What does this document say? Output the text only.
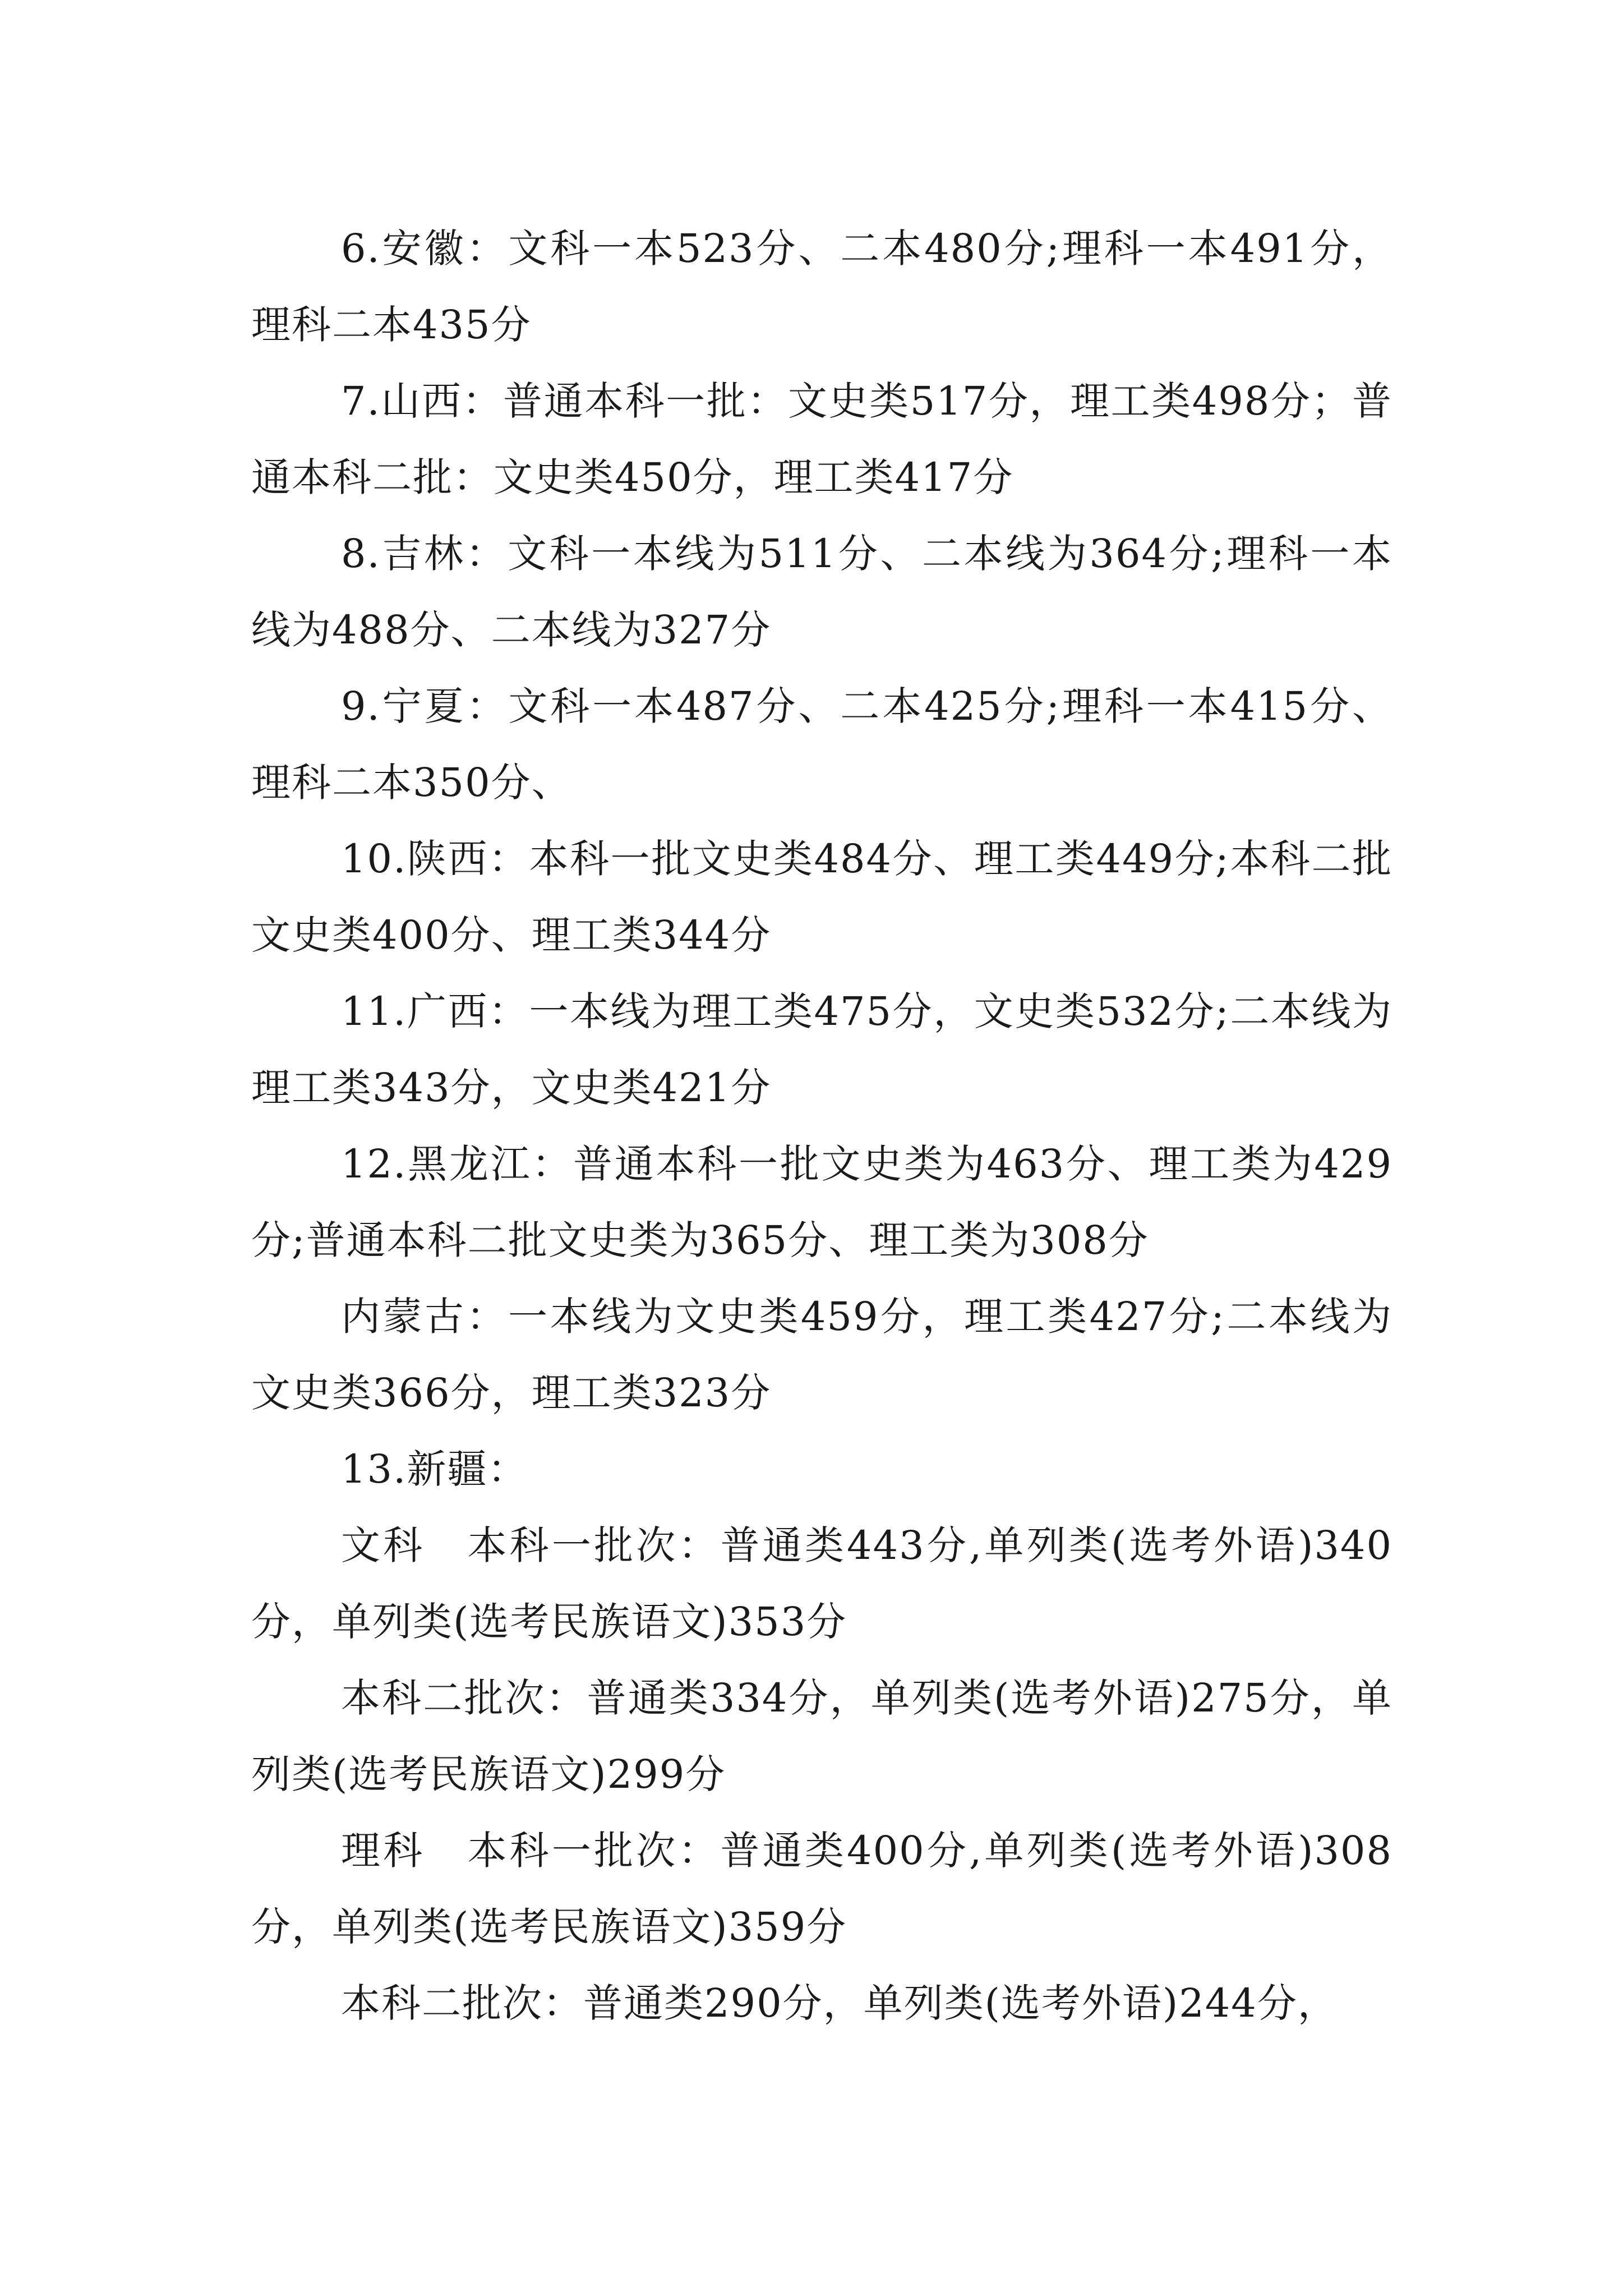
6.安徽：文科一本523分、二本480分;理科一本491分，理科二本435分

7.山西：普通本科一批：文史类517分，理工类498分；普通本科二批：文史类450分，理工类417分

8.吉林：文科一本线为511分、二本线为364分;理科一本线为488分、二本线为327分

9.宁夏：文科一本487分、二本425分;理科一本415分、理科二本350分、

10.陕西：本科一批文史类484分、理工类449分;本科二批文史类400分、理工类344分

11.广西：一本线为理工类475分，文史类532分;二本线为理工类343分，文史类421分

12.黑龙江：普通本科一批文史类为463分、理工类为429分;普通本科二批文史类为365分、理工类为308分

内蒙古：一本线为文史类459分，理工类427分;二本线为文史类366分，理工类323分

13.新疆：

文科　本科一批次：普通类443分,单列类(选考外语)340分，单列类(选考民族语文)353分

本科二批次：普通类334分，单列类(选考外语)275分，单列类(选考民族语文)299分

理科　本科一批次：普通类400分,单列类(选考外语)308分，单列类(选考民族语文)359分

本科二批次：普通类290分，单列类(选考外语)244分，
